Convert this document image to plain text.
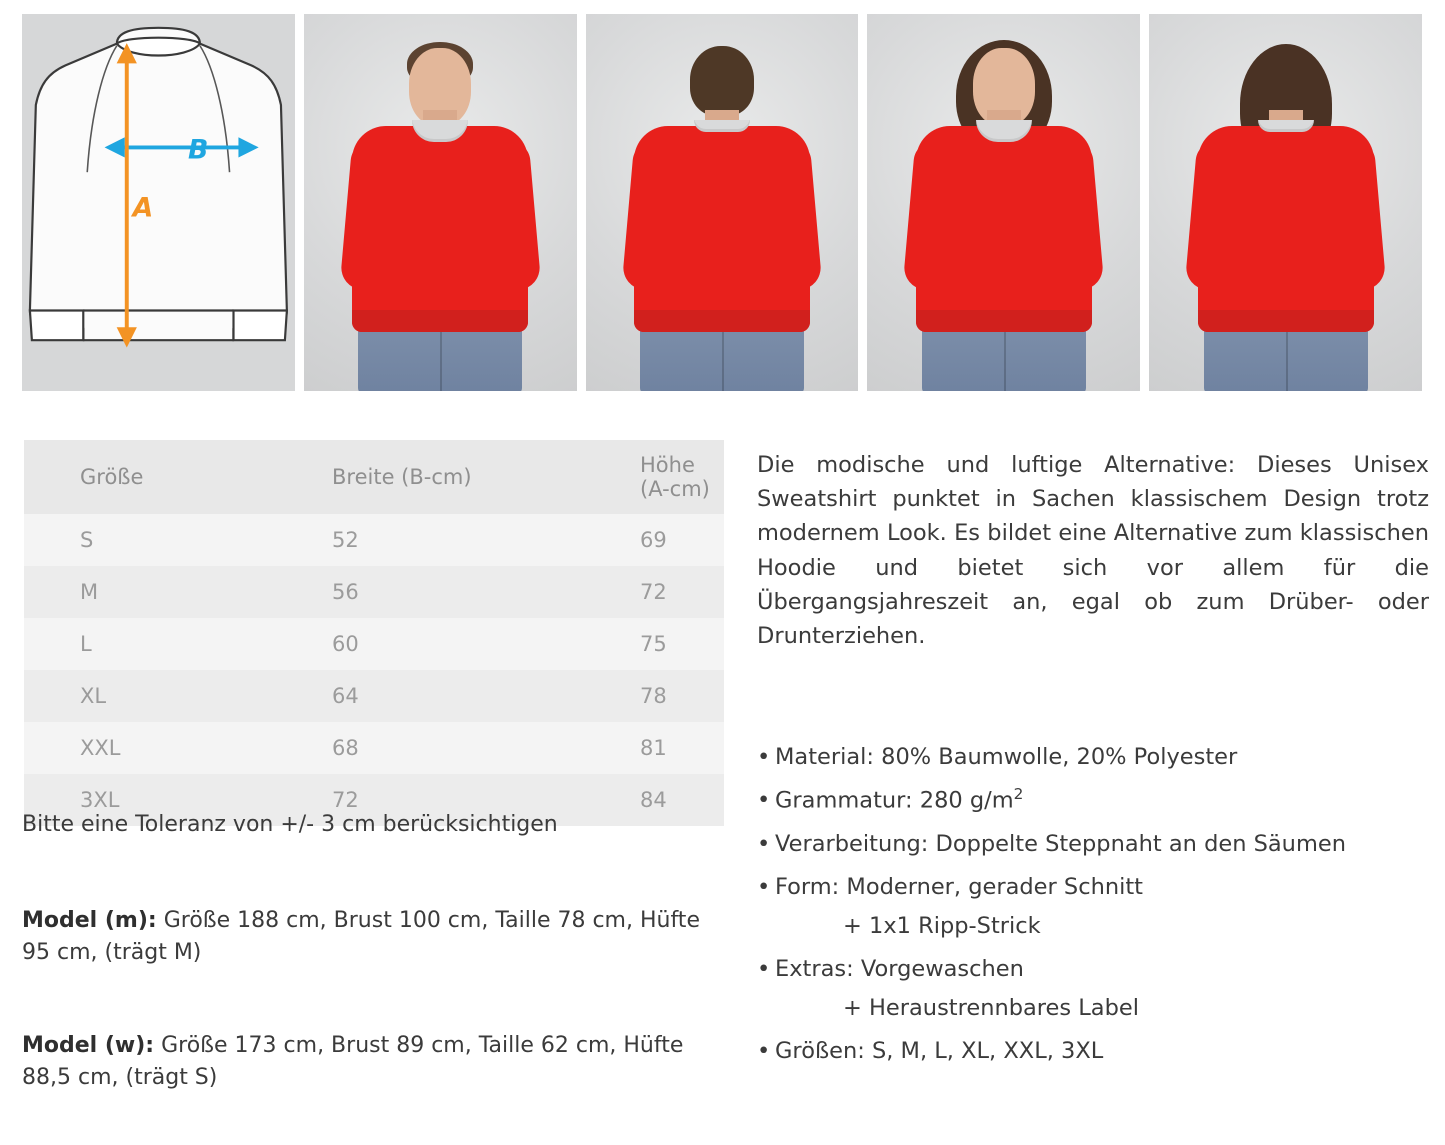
B
A
Größe	Breite (B-cm)	Höhe (A-cm)
S	52	69
M	56	72
L	60	75
XL	64	78
XXL	68	81
3XL	72	84
Bitte eine Toleranz von +/- 3 cm berücksichtigen
Model (m): Größe 188 cm, Brust 100 cm, Taille 78 cm, Hüfte 95 cm, (trägt M)
Model (w): Größe 173 cm, Brust 89 cm, Taille 62 cm, Hüfte 88,5 cm, (trägt S)
Die modische und luftige Alternative: Dieses Unisex Sweatshirt punktet in Sachen klassischem Design trotz modernem Look. Es bildet eine Alternative zum klassischen Hoodie und bietet sich vor allem für die Übergangsjahreszeit an, egal ob zum Drüber- oder Drunterziehen.
• Material: 80% Baumwolle, 20% Polyester
• Grammatur: 280 $g/m^2$
• Verarbeitung: Doppelte Steppnaht an den Säumen
• Form: Moderner, gerader Schnitt
+ 1x1 Ripp-Strick
• Extras: Vorgewaschen
+ Heraustrennbares Label
• Größen: S, M, L, XL, XXL, 3XL
